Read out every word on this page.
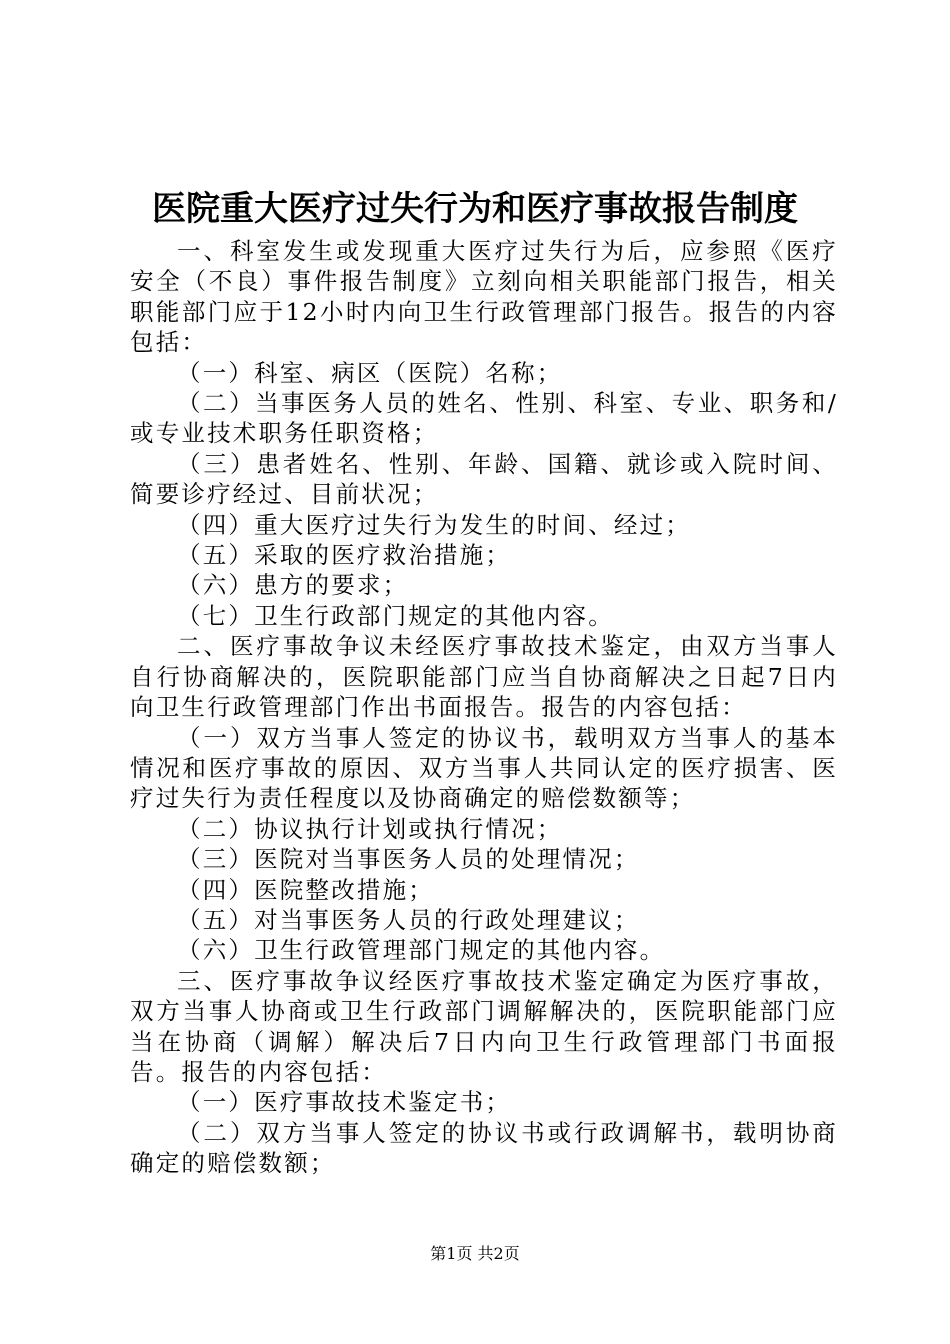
医院重大医疗过失行为和医疗事故报告制度

一、科室发生或发现重大医疗过失行为后，应参照《医疗安全（不良）事件报告制度》立刻向相关职能部门报告，相关职能部门应于12小时内向卫生行政管理部门报告。报告的内容包括：

（一）科室、病区（医院）名称；

（二）当事医务人员的姓名、性别、科室、专业、职务和/或专业技术职务任职资格；

（三）患者姓名、性别、年龄、国籍、就诊或入院时间、简要诊疗经过、目前状况；

（四）重大医疗过失行为发生的时间、经过；

（五）采取的医疗救治措施；

（六）患方的要求；

（七）卫生行政部门规定的其他内容。

二、医疗事故争议未经医疗事故技术鉴定，由双方当事人自行协商解决的，医院职能部门应当自协商解决之日起7日内向卫生行政管理部门作出书面报告。报告的内容包括：

（一）双方当事人签定的协议书，载明双方当事人的基本情况和医疗事故的原因、双方当事人共同认定的医疗损害、医疗过失行为责任程度以及协商确定的赔偿数额等；

（二）协议执行计划或执行情况；

（三）医院对当事医务人员的处理情况；

（四）医院整改措施；

（五）对当事医务人员的行政处理建议；

（六）卫生行政管理部门规定的其他内容。

三、医疗事故争议经医疗事故技术鉴定确定为医疗事故，双方当事人协商或卫生行政部门调解解决的，医院职能部门应当在协商（调解）解决后7日内向卫生行政管理部门书面报告。报告的内容包括：

（一）医疗事故技术鉴定书；

（二）双方当事人签定的协议书或行政调解书，载明协商确定的赔偿数额；

第1页 共2页
